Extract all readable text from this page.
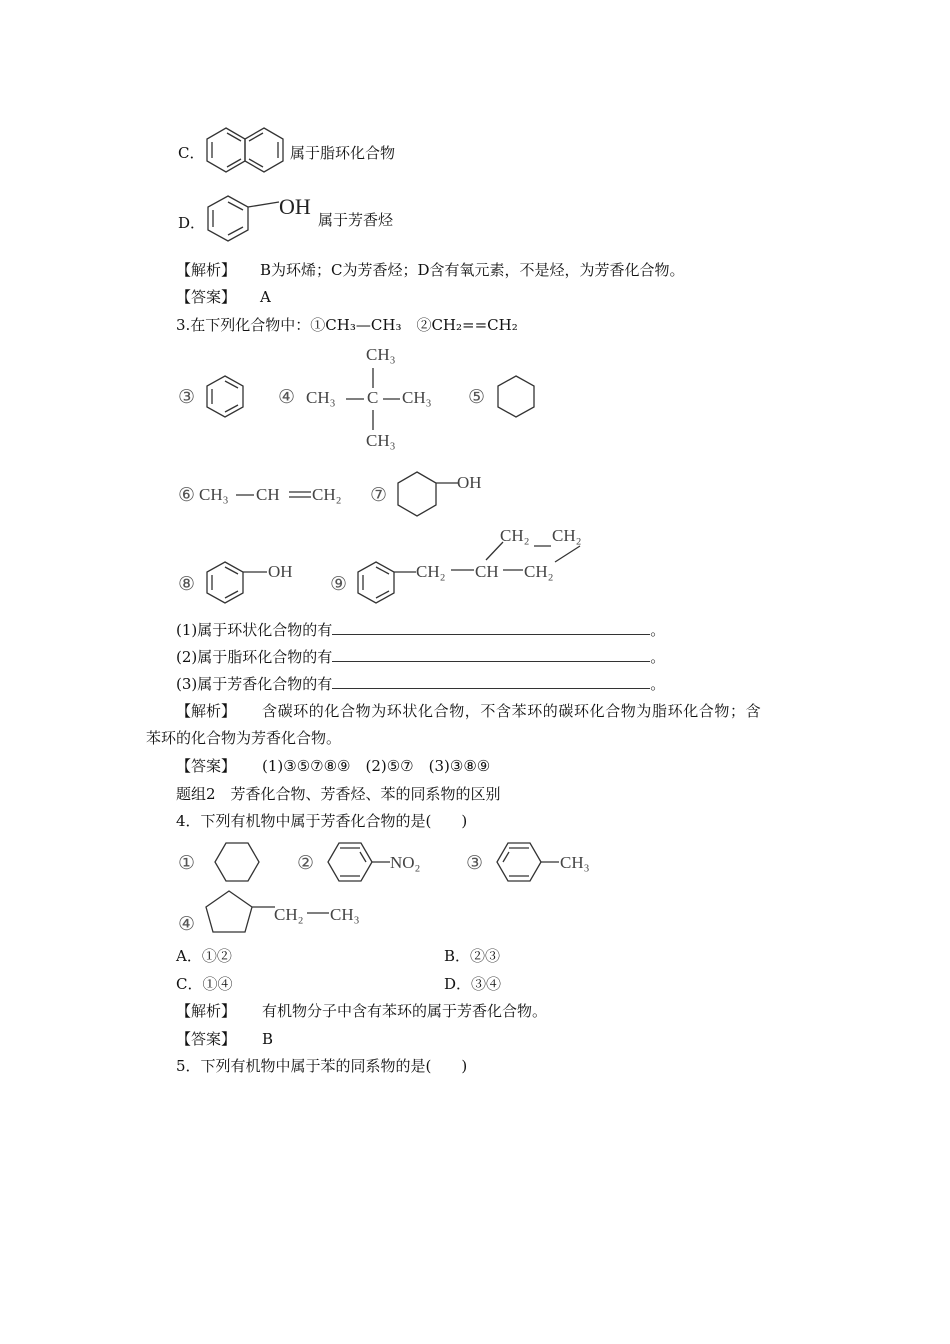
C．	属于脂环化合物
D．
OH
属于芳香烃
【解析】 B为环烯；C为芳香烃；D含有氧元素，不是烃，为芳香化合物。
【答案】 A
3.在下列化合物中：①CH₃—CH₃　②CH₂==CH₂
③	④
CH₃
CH₃ C CH₃
CH₃
⑤
⑥ CH₃ CH CH₂ ⑦
OH
⑧
OH
⑨
CH₂ CH₂
CH₂ CH CH₂
(1)属于环状化合物的有	。
(2)属于脂环化合物的有	。
(3)属于芳香化合物的有	。
【解析】 含碳环的化合物为环状化合物，不含苯环的碳环化合物为脂环化合物；含
苯环的化合物为芳香化合物。
【答案】 (1)③⑤⑦⑧⑨　(2)⑤⑦　(3)③⑧⑨
题组2　芳香化合物、芳香烃、苯的同系物的区别
4．下列有机物中属于芳香化合物的是(　　)
①	②	NO₂ ③	CH₃
④	CH₂ CH₃
A．①②	B．②③
C．①④	D．③④
【解析】 有机物分子中含有苯环的属于芳香化合物。
【答案】 B
5．下列有机物中属于苯的同系物的是(　　)
